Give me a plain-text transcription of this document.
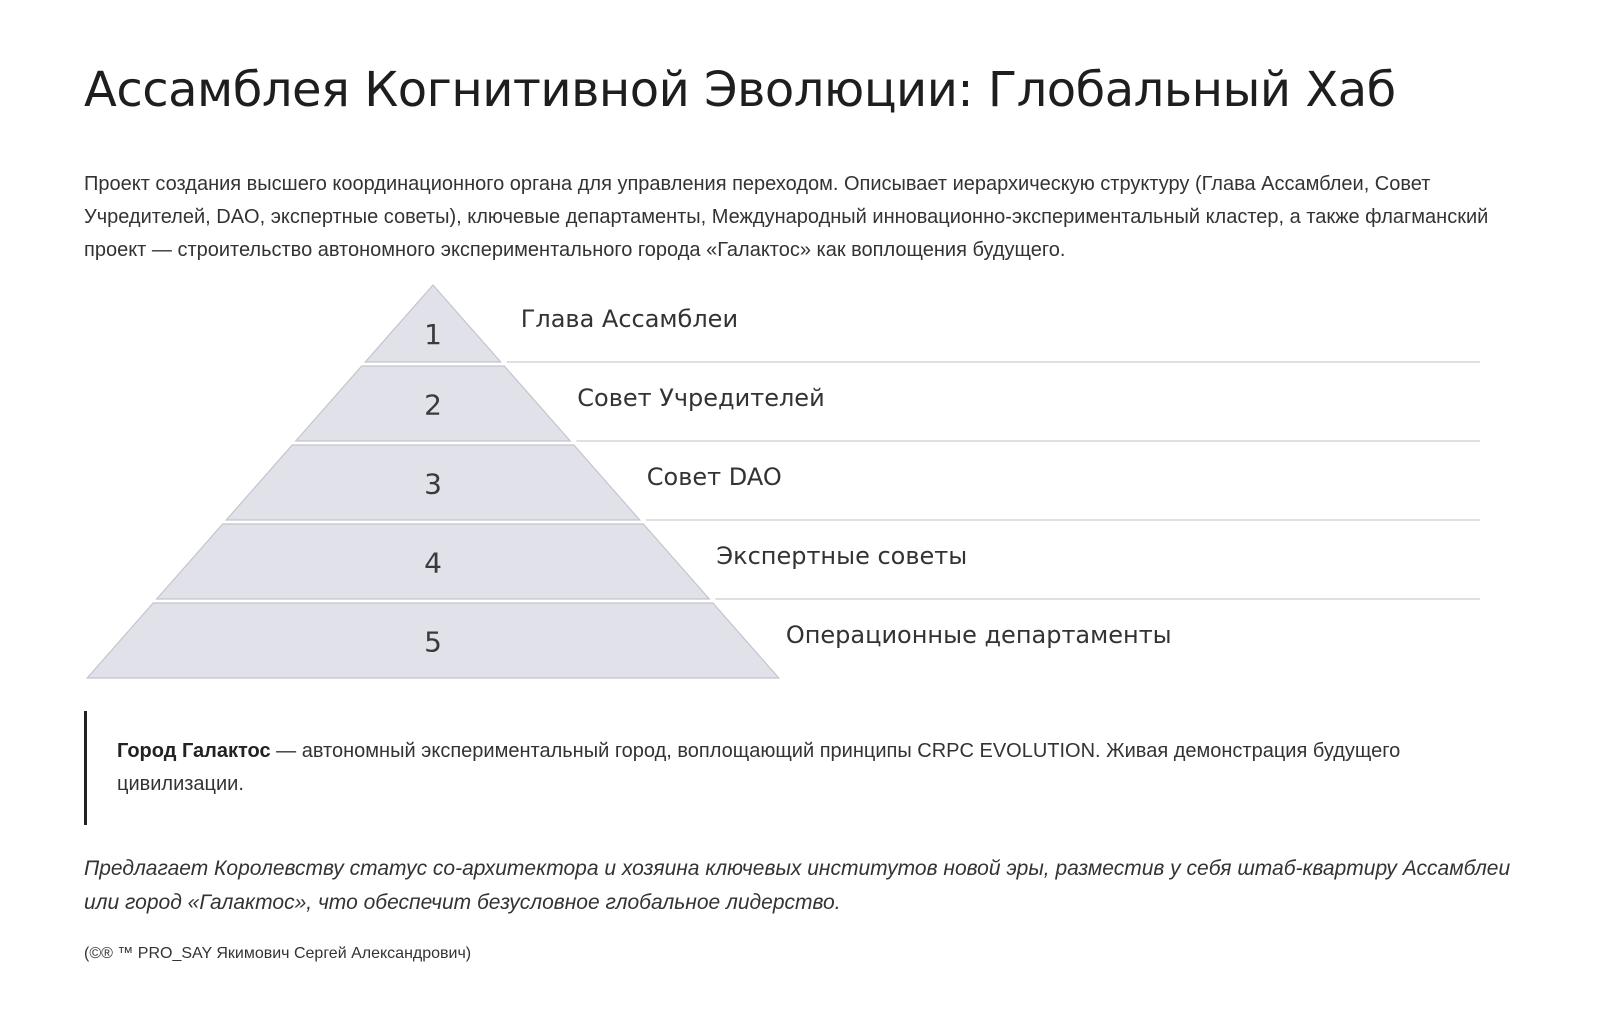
Ассамблея Когнитивной Эволюции: Глобальный Хаб

Проект создания высшего координационного органа для управления переходом. Описывает иерархическую структуру (Глава Ассамблеи, Совет Учредителей, DAO, экспертные советы), ключевые департаменты, Международный инновационно-экспериментальный кластер, а также флагманский проект — строительство автономного экспериментального города «Галактос» как воплощения будущего.

1	Глава Ассамблеи
2	Совет Учредителей
3	Совет DAO
4	Экспертные советы
5	Операционные департаменты
Город Галактос — автономный экспериментальный город, воплощающий принципы CRPC EVOLUTION. Живая демонстрация будущего цивилизации.

Предлагает Королевству статус со-архитектора и хозяина ключевых институтов новой эры, разместив у себя штаб-квартиру Ассамблеи или город «Галактос», что обеспечит безусловное глобальное лидерство.

(©® ™ PRO_SAY Якимович Сергей Александрович)
